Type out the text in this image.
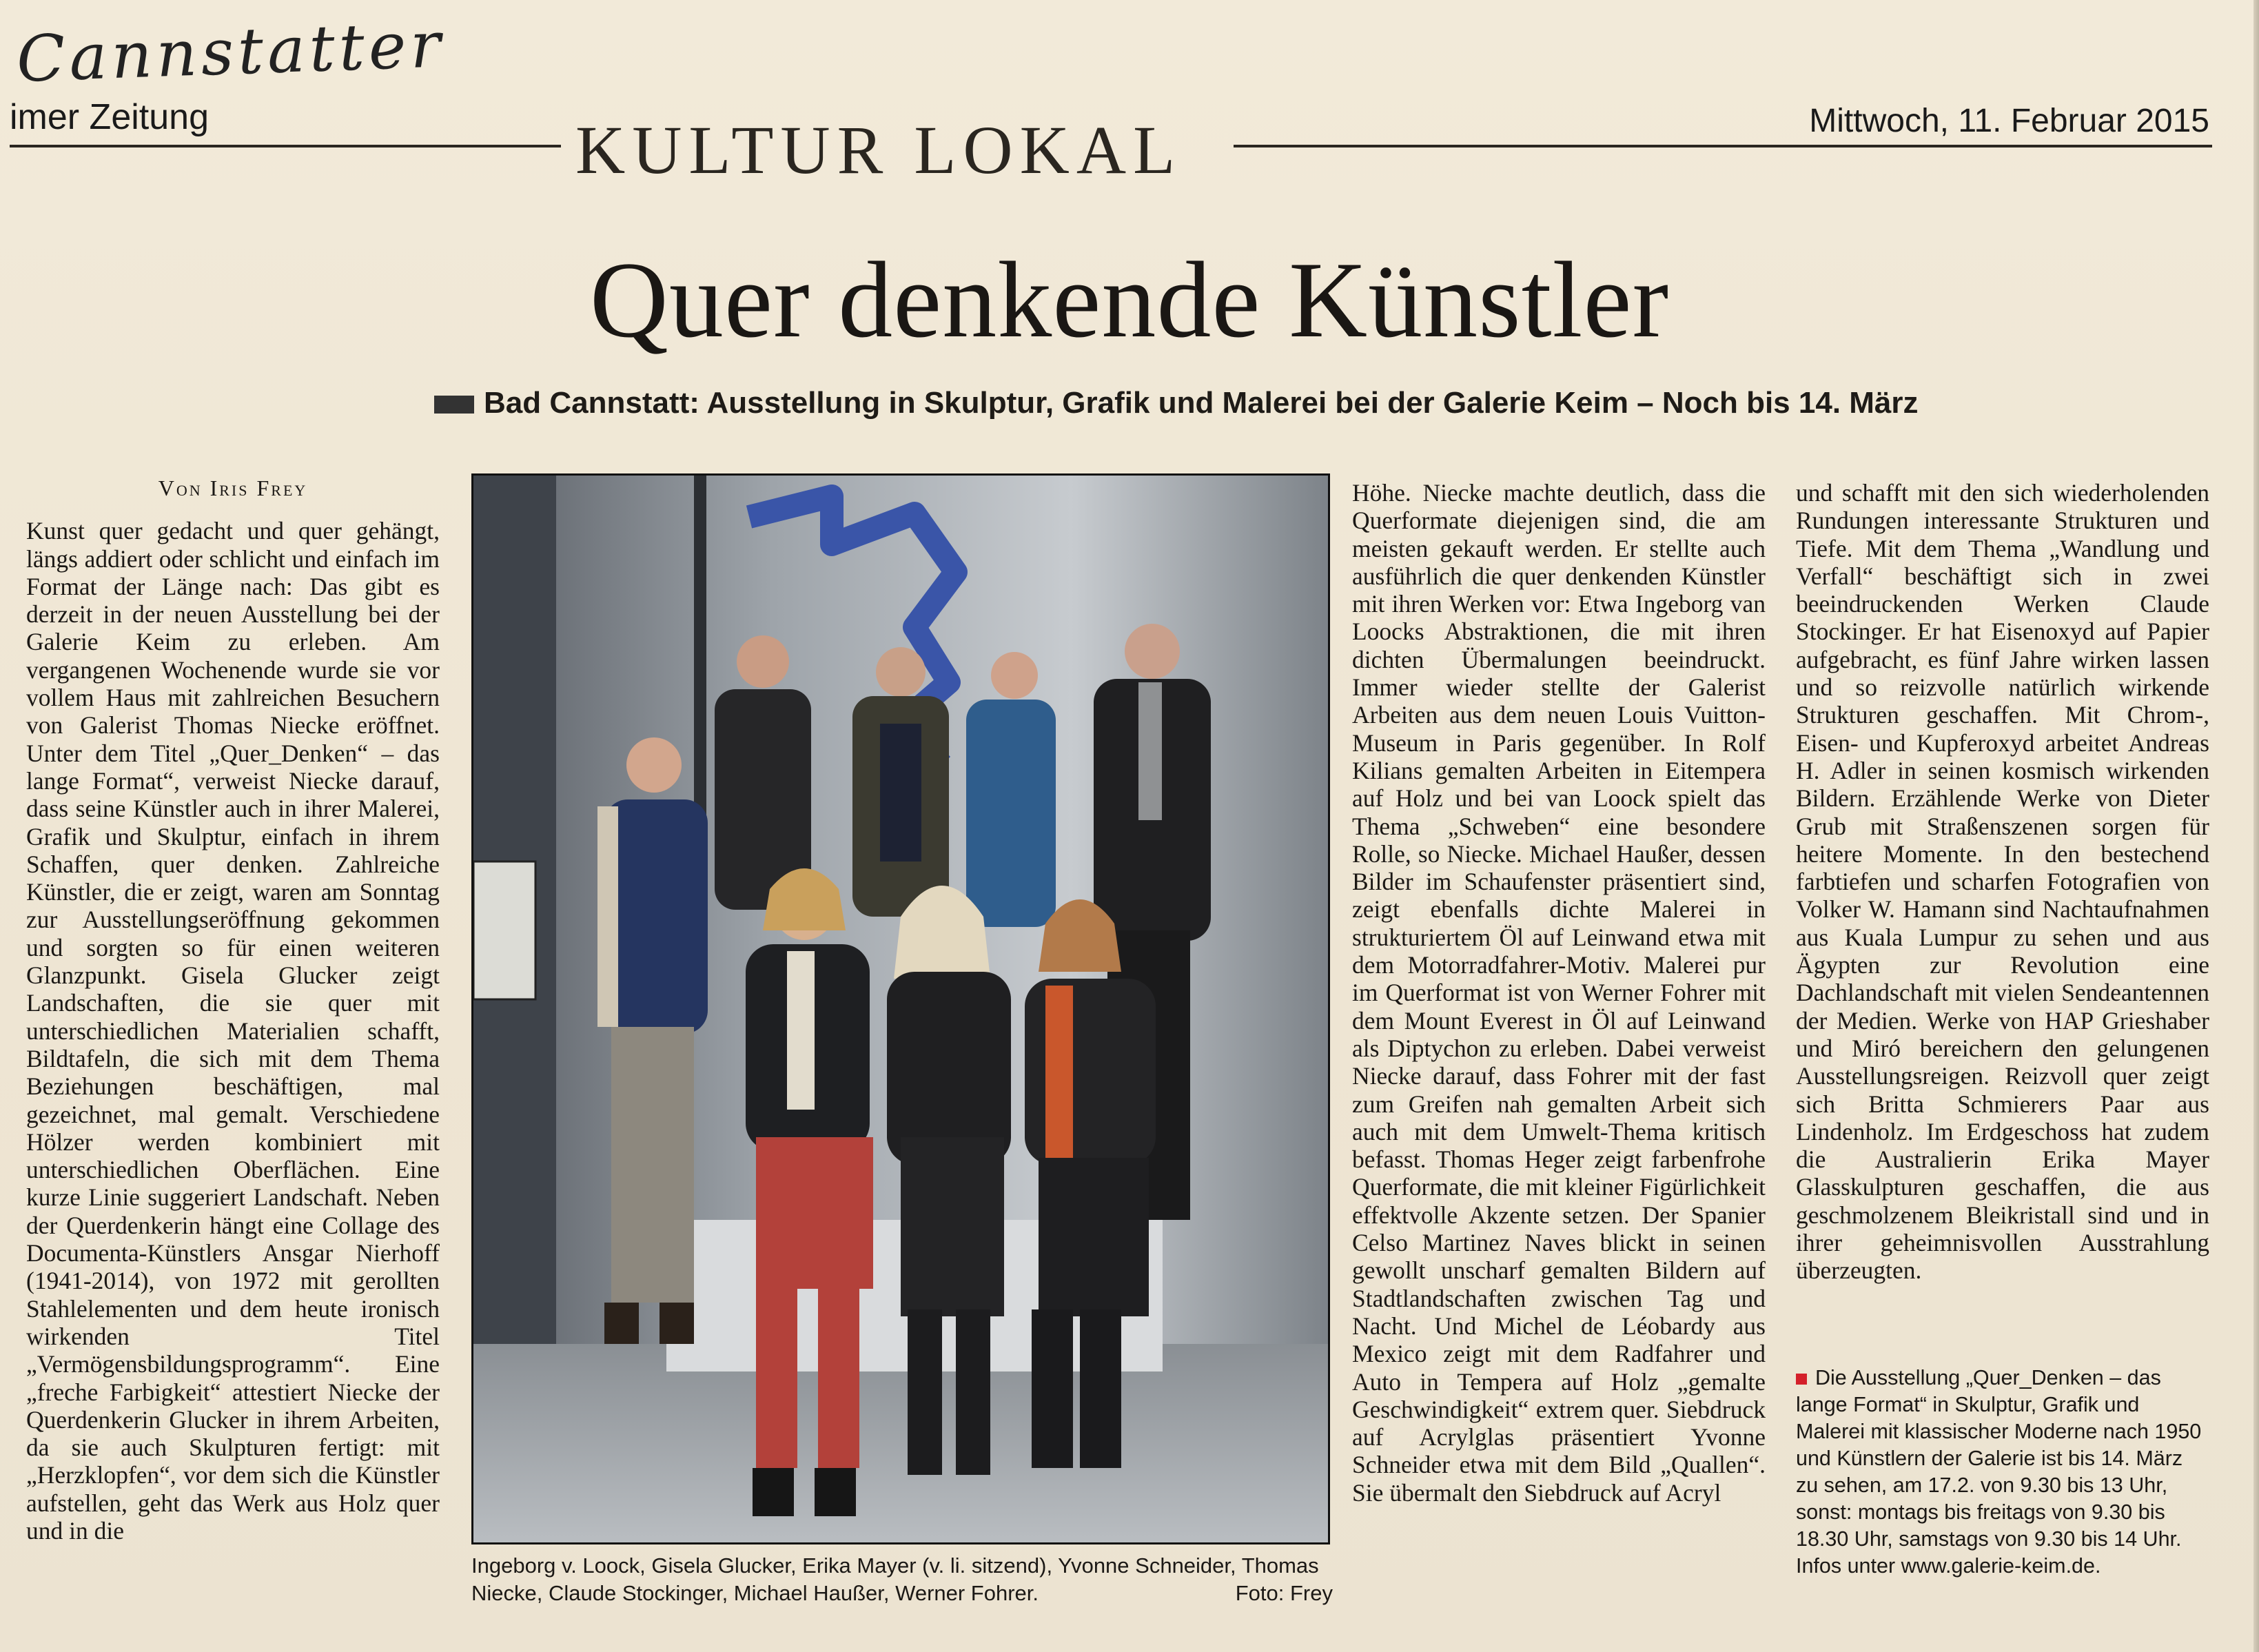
Cannstatter
imer Zeitung	Mittwoch, 11. Februar 2015
KULTUR LOKAL
Quer denkende Künstler
Bad Cannstatt: Ausstellung in Skulptur, Grafik und Malerei bei der Galerie Keim – Noch bis 14. März
Von Iris Frey

Kunst quer gedacht und quer gehängt, längs addiert oder schlicht und einfach im Format der Länge nach: Das gibt es derzeit in der neuen Ausstellung bei der Galerie Keim zu erleben. Am vergangenen Wochenende wurde sie vor vollem Haus mit zahlreichen Besuchern von Galerist Thomas Niecke eröffnet. Unter dem Titel „Quer_Denken“ – das lange Format“, verweist Niecke darauf, dass seine Künstler auch in ihrer Malerei, Grafik und Skulptur, einfach in ihrem Schaffen, quer denken. Zahlreiche Künstler, die er zeigt, waren am Sonntag zur Ausstellungseröffnung gekommen und sorgten so für einen weiteren Glanzpunkt. Gisela Glucker zeigt Landschaften, die sie quer mit unterschiedlichen Materialien schafft, Bildtafeln, die sich mit dem Thema Beziehungen beschäftigen, mal gezeichnet, mal gemalt. Verschiedene Hölzer werden kombiniert mit unterschiedlichen Oberflächen. Eine kurze Linie suggeriert Landschaft. Neben der Querdenkerin hängt eine Collage des Documenta-Künstlers Ansgar Nierhoff (1941-2014), von 1972 mit gerollten Stahlelementen und dem heute ironisch wirkenden Titel „Vermögensbildungsprogramm“. Eine „freche Farbigkeit“ attestiert Niecke der Querdenkerin Glucker in ihrem Arbeiten, da sie auch Skulpturen fertigt: mit „Herzklopfen“, vor dem sich die Künstler aufstellen, geht das Werk aus Holz quer und in die

Ingeborg v. Loock, Gisela Glucker, Erika Mayer (v. li. sitzend), Yvonne Schneider, Thomas Niecke, Claude Stockinger, Michael Haußer, Werner Fohrer.	Foto: Frey

Höhe. Niecke machte deutlich, dass die Querformate diejenigen sind, die am meisten gekauft werden. Er stellte auch ausführlich die quer denkenden Künstler mit ihren Werken vor: Etwa Ingeborg van Loocks Abstraktionen, die mit ihren dichten Übermalungen beeindruckt. Immer wieder stellte der Galerist Arbeiten aus dem neuen Louis Vuitton-Museum in Paris gegenüber. In Rolf Kilians gemalten Arbeiten in Eitempera auf Holz und bei van Loock spielt das Thema „Schweben“ eine besondere Rolle, so Niecke. Michael Haußer, dessen Bilder im Schaufenster präsentiert sind, zeigt ebenfalls dichte Malerei in strukturiertem Öl auf Leinwand etwa mit dem Motorradfahrer-Motiv. Malerei pur im Querformat ist von Werner Fohrer mit dem Mount Everest in Öl auf Leinwand als Diptychon zu erleben. Dabei verweist Niecke darauf, dass Fohrer mit der fast zum Greifen nah gemalten Arbeit sich auch mit dem Umwelt-Thema kritisch befasst. Thomas Heger zeigt farbenfrohe Querformate, die mit kleiner Figürlichkeit effektvolle Akzente setzen. Der Spanier Celso Martinez Naves blickt in seinen gewollt unscharf gemalten Bildern auf Stadtlandschaften zwischen Tag und Nacht. Und Michel de Léobardy aus Mexico zeigt mit dem Radfahrer und Auto in Tempera auf Holz „gemalte Geschwindigkeit“ extrem quer. Siebdruck auf Acrylglas präsentiert Yvonne Schneider etwa mit dem Bild „Quallen“. Sie übermalt den Siebdruck auf Acryl

und schafft mit den sich wiederholenden Rundungen interessante Strukturen und Tiefe. Mit dem Thema „Wandlung und Verfall“ beschäftigt sich in zwei beeindruckenden Werken Claude Stockinger. Er hat Eisenoxyd auf Papier aufgebracht, es fünf Jahre wirken lassen und so reizvolle natürlich wirkende Strukturen geschaffen. Mit Chrom-, Eisen- und Kupferoxyd arbeitet Andreas H. Adler in seinen kosmisch wirkenden Bildern. Erzählende Werke von Dieter Grub mit Straßenszenen sorgen für heitere Momente. In den bestechend farbtiefen und scharfen Fotografien von Volker W. Hamann sind Nachtaufnahmen aus Kuala Lumpur zu sehen und aus Ägypten zur Revolution eine Dachlandschaft mit vielen Sendeantennen der Medien. Werke von HAP Grieshaber und Miró bereichern den gelungenen Ausstellungsreigen. Reizvoll quer zeigt sich Britta Schmierers Paar aus Lindenholz. Im Erdgeschoss hat zudem die Australierin Erika Mayer Glasskulpturen geschaffen, die aus geschmolzenem Bleikristall sind und in ihrer geheimnisvollen Ausstrahlung überzeugten.

Die Ausstellung „Quer_Denken – das lange Format“ in Skulptur, Grafik und Malerei mit klassischer Moderne nach 1950 und Künstlern der Galerie ist bis 14. März zu sehen, am 17.2. von 9.30 bis 13 Uhr, sonst: montags bis freitags von 9.30 bis 18.30 Uhr, samstags von 9.30 bis 14 Uhr. Infos unter www.galerie-keim.de.
